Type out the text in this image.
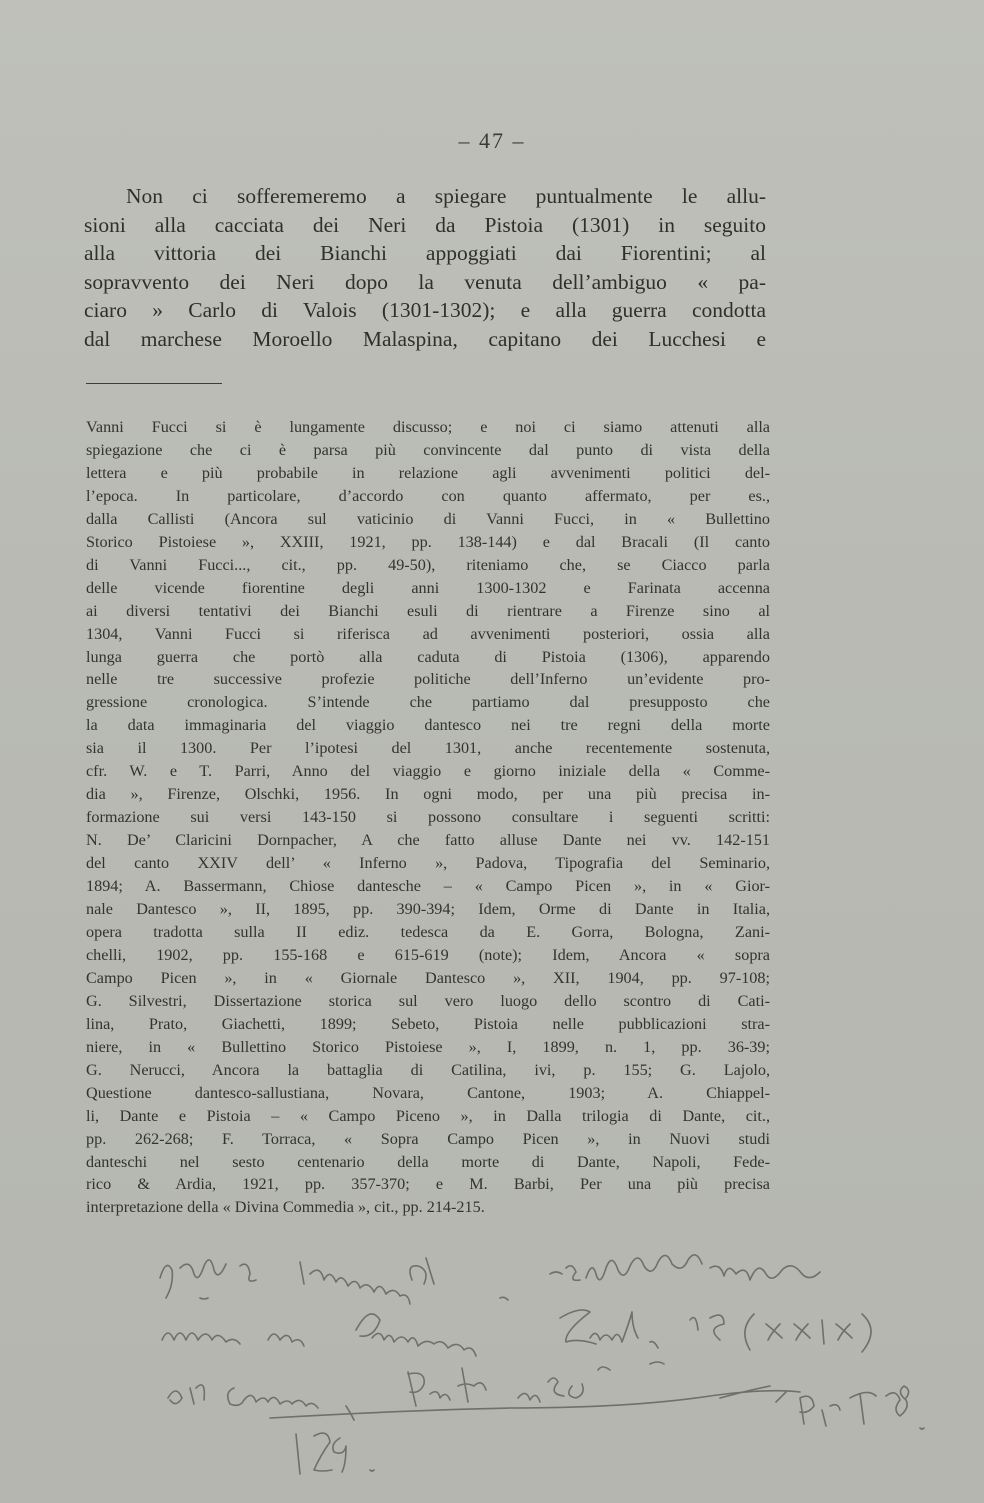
– 47 –
Non ci sofferemeremo a spiegare puntualmente le allu-
sioni alla cacciata dei Neri da Pistoia (1301) in seguito
alla vittoria dei Bianchi appoggiati dai Fiorentini; al
sopravvento dei Neri dopo la venuta dell’ambiguo « pa-
ciaro » Carlo di Valois (1301-1302); e alla guerra condotta
dal marchese Moroello Malaspina, capitano dei Lucchesi e
Vanni Fucci si è lungamente discusso; e noi ci siamo attenuti alla
spiegazione che ci è parsa più convincente dal punto di vista della
lettera e più probabile in relazione agli avvenimenti politici del-
l’epoca. In particolare, d’accordo con quanto affermato, per es.,
dalla Callisti (Ancora sul vaticinio di Vanni Fucci, in « Bullettino
Storico Pistoiese », XXIII, 1921, pp. 138-144) e dal Bracali (Il canto
di Vanni Fucci..., cit., pp. 49-50), riteniamo che, se Ciacco parla
delle vicende fiorentine degli anni 1300-1302 e Farinata accenna
ai diversi tentativi dei Bianchi esuli di rientrare a Firenze sino al
1304, Vanni Fucci si riferisca ad avvenimenti posteriori, ossia alla
lunga guerra che portò alla caduta di Pistoia (1306), apparendo
nelle tre successive profezie politiche dell’Inferno un’evidente pro-
gressione cronologica. S’intende che partiamo dal presupposto che
la data immaginaria del viaggio dantesco nei tre regni della morte
sia il 1300. Per l’ipotesi del 1301, anche recentemente sostenuta,
cfr. W. e T. Parri, Anno del viaggio e giorno iniziale della « Comme-
dia », Firenze, Olschki, 1956. In ogni modo, per una più precisa in-
formazione sui versi 143-150 si possono consultare i seguenti scritti:
N. De’ Claricini Dornpacher, A che fatto alluse Dante nei vv. 142-151
del canto XXIV dell’ « Inferno », Padova, Tipografia del Seminario,
1894; A. Bassermann, Chiose dantesche – « Campo Picen », in « Gior-
nale Dantesco », II, 1895, pp. 390-394; Idem, Orme di Dante in Italia,
opera tradotta sulla II ediz. tedesca da E. Gorra, Bologna, Zani-
chelli, 1902, pp. 155-168 e 615-619 (note); Idem, Ancora « sopra
Campo Picen », in « Giornale Dantesco », XII, 1904, pp. 97-108;
G. Silvestri, Dissertazione storica sul vero luogo dello scontro di Cati-
lina, Prato, Giachetti, 1899; Sebeto, Pistoia nelle pubblicazioni stra-
niere, in « Bullettino Storico Pistoiese », I, 1899, n. 1, pp. 36-39;
G. Nerucci, Ancora la battaglia di Catilina, ivi, p. 155; G. Lajolo,
Questione dantesco-sallustiana, Novara, Cantone, 1903; A. Chiappel-
li, Dante e Pistoia – « Campo Piceno », in Dalla trilogia di Dante, cit.,
pp. 262-268; F. Torraca, « Sopra Campo Picen », in Nuovi studi
danteschi nel sesto centenario della morte di Dante, Napoli, Fede-
rico & Ardia, 1921, pp. 357-370; e M. Barbi, Per una più precisa
interpretazione della « Divina Commedia », cit., pp. 214-215.
